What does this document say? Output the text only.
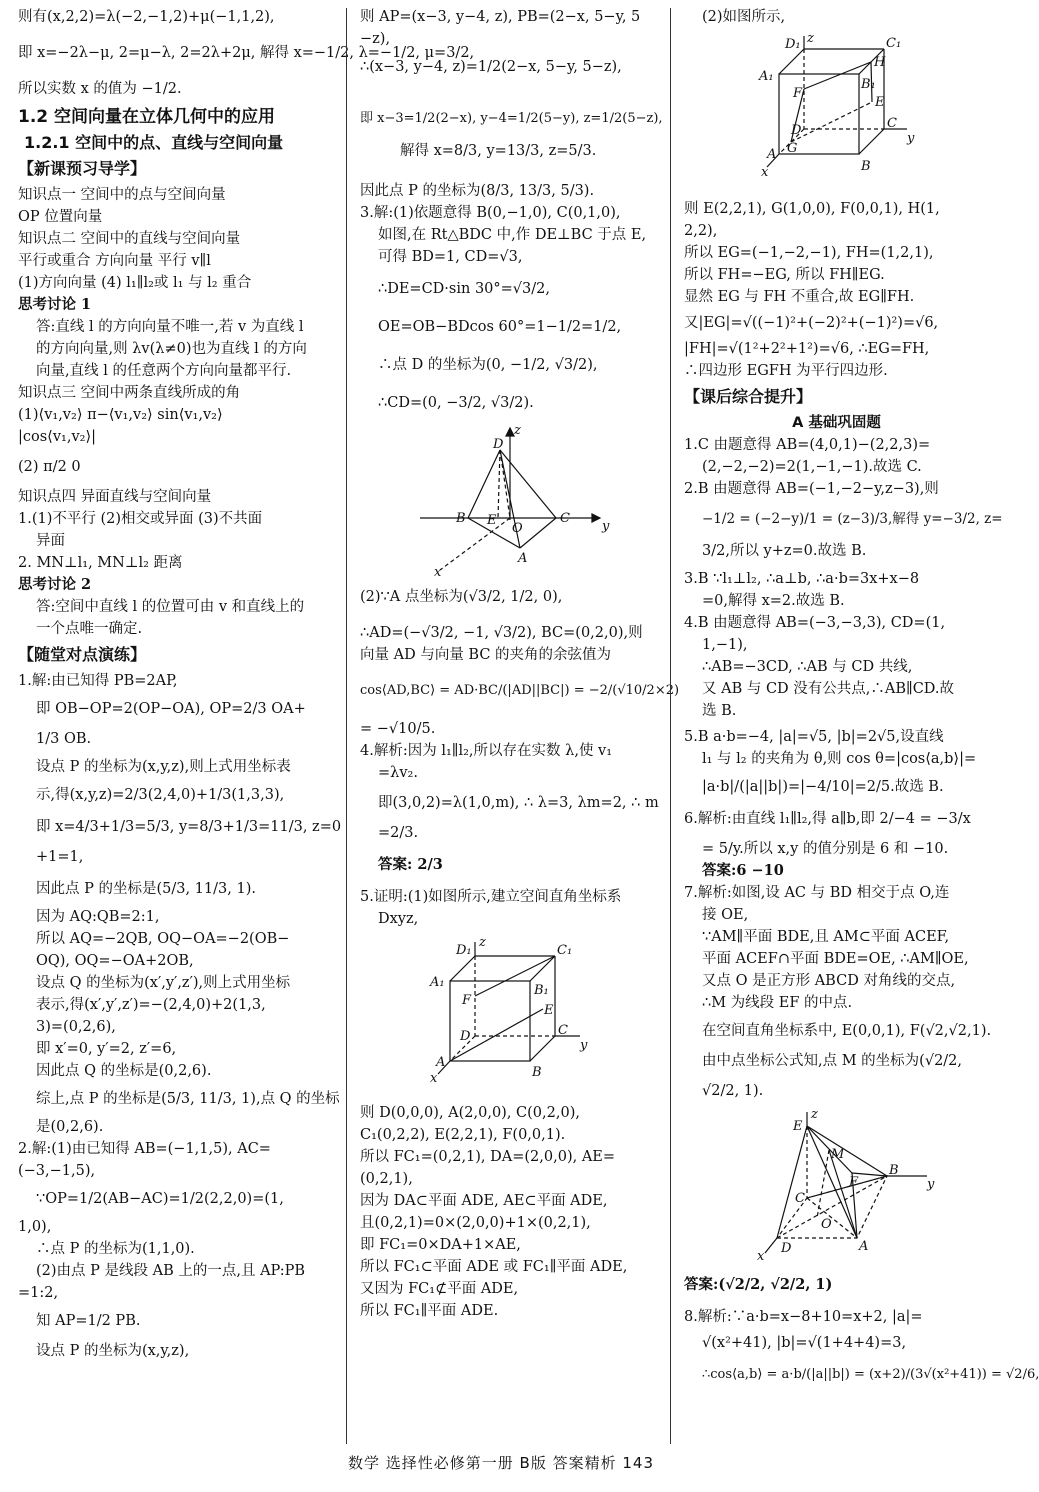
则有(x,2,2)=λ(−2,−1,2)+μ(−1,1,2),
即 x=−2λ−μ, 2=μ−λ, 2=2λ+2μ, 解得 x=−1/2, λ=−1/2, μ=3/2,
所以实数 x 的值为 −1/2.
1.2 空间向量在立体几何中的应用
1.2.1 空间中的点、直线与空间向量
【新课预习导学】
知识点一 空间中的点与空间向量
OP 位置向量
知识点二 空间中的直线与空间向量
平行或重合 方向向量 平行 v∥l
(1)方向向量 (4) l₁∥l₂或 l₁ 与 l₂ 重合
思考讨论 1
答:直线 l 的方向向量不唯一,若 v 为直线 l
的方向向量,则 λv(λ≠0)也为直线 l 的方向
向量,直线 l 的任意两个方向向量都平行.
知识点三 空间中两条直线所成的角
(1)⟨v₁,v₂⟩ π−⟨v₁,v₂⟩ sin⟨v₁,v₂⟩
|cos⟨v₁,v₂⟩|
(2) π/2 0
知识点四 异面直线与空间向量
1.(1)不平行 (2)相交或异面 (3)不共面
异面
2. MN⊥l₁, MN⊥l₂ 距离
思考讨论 2
答:空间中直线 l 的位置可由 v 和直线上的
一个点唯一确定.
【随堂对点演练】
1.解:由已知得 PB=2AP,
即 OB−OP=2(OP−OA), OP=2/3 OA+
1/3 OB.
设点 P 的坐标为(x,y,z),则上式用坐标表
示,得(x,y,z)=2/3(2,4,0)+1/3(1,3,3),
即 x=4/3+1/3=5/3, y=8/3+1/3=11/3, z=0
+1=1,
因此点 P 的坐标是(5/3, 11/3, 1).
因为 AQ:QB=2:1,
所以 AQ=−2QB, OQ−OA=−2(OB−
OQ), OQ=−OA+2OB,
设点 Q 的坐标为(x′,y′,z′),则上式用坐标
表示,得(x′,y′,z′)=−(2,4,0)+2(1,3,
3)=(0,2,6),
即 x′=0, y′=2, z′=6,
因此点 Q 的坐标是(0,2,6).
综上,点 P 的坐标是(5/3, 11/3, 1),点 Q 的坐标
是(0,2,6).
2.解:(1)由已知得 AB=(−1,1,5), AC=
(−3,−1,5),
∵OP=1/2(AB−AC)=1/2(2,2,0)=(1,
1,0),
∴点 P 的坐标为(1,1,0).
(2)由点 P 是线段 AB 上的一点,且 AP:PB
=1:2,
知 AP=1/2 PB.
设点 P 的坐标为(x,y,z),
则 AP=(x−3, y−4, z), PB=(2−x, 5−y, 5
−z),
∴(x−3, y−4, z)=1/2(2−x, 5−y, 5−z),
即 x−3=1/2(2−x), y−4=1/2(5−y), z=1/2(5−z),
解得 x=8/3, y=13/3, z=5/3.
因此点 P 的坐标为(8/3, 13/3, 5/3).
3.解:(1)依题意得 B(0,−1,0), C(0,1,0),
如图,在 Rt△BDC 中,作 DE⊥BC 于点 E,
可得 BD=1, CD=√3,
∴DE=CD·sin 30°=√3/2,
OE=OB−BDcos 60°=1−1/2=1/2,
∴点 D 的坐标为(0, −1/2, √3/2),
∴CD=(0, −3/2, √3/2).
z
y
x
D
B E
O
C
A
(2)∵A 点坐标为(√3/2, 1/2, 0),
∴AD=(−√3/2, −1, √3/2), BC=(0,2,0),则
向量 AD 与向量 BC 的夹角的余弦值为
cos⟨AD,BC⟩ = AD·BC/(|AD||BC|) = −2/(√10/2×2)
= −√10/5.
4.解析:因为 l₁∥l₂,所以存在实数 λ,使 v₁
=λv₂.
即(3,0,2)=λ(1,0,m), ∴ λ=3, λm=2, ∴ m
=2/3.
答案: 2/3
5.证明:(1)如图所示,建立空间直角坐标系
Dxyz,
z
y
x
D₁	C₁
A₁
B₁
F
D
E
C
A
B
则 D(0,0,0), A(2,0,0), C(0,2,0),
C₁(0,2,2), E(2,2,1), F(0,0,1).
所以 FC₁=(0,2,1), DA=(2,0,0), AE=
(0,2,1),
因为 DA⊂平面 ADE, AE⊂平面 ADE,
且(0,2,1)=0×(2,0,0)+1×(0,2,1),
即 FC₁=0×DA+1×AE,
所以 FC₁⊂平面 ADE 或 FC₁∥平面 ADE,
又因为 FC₁⊄平面 ADE,
所以 FC₁∥平面 ADE.
(2)如图所示,
z
y
x
D₁	C₁
A₁
H
B₁
F
D
E
C
G
A
B
则 E(2,2,1), G(1,0,0), F(0,0,1), H(1,
2,2),
所以 EG=(−1,−2,−1), FH=(1,2,1),
所以 FH=−EG, 所以 FH∥EG.
显然 EG 与 FH 不重合,故 EG∥FH.
又|EG|=√((−1)²+(−2)²+(−1)²)=√6,
|FH|=√(1²+2²+1²)=√6, ∴EG=FH,
∴四边形 EGFH 为平行四边形.
【课后综合提升】
A 基础巩固题
1.C 由题意得 AB=(4,0,1)−(2,2,3)=
(2,−2,−2)=2(1,−1,−1).故选 C.
2.B 由题意得 AB=(−1,−2−y,z−3),则
−1/2 = (−2−y)/1 = (z−3)/3,解得 y=−3/2, z=
3/2,所以 y+z=0.故选 B.
3.B ∵l₁⊥l₂, ∴a⊥b, ∴a·b=3x+x−8
=0,解得 x=2.故选 B.
4.B 由题意得 AB=(−3,−3,3), CD=(1,
1,−1),
∴AB=−3CD, ∴AB 与 CD 共线,
又 AB 与 CD 没有公共点,∴AB∥CD.故
选 B.
5.B a·b=−4, |a|=√5, |b|=2√5,设直线
l₁ 与 l₂ 的夹角为 θ,则 cos θ=|cos⟨a,b⟩|=
|a·b|/(|a||b|)=|−4/10|=2/5.故选 B.
6.解析:由直线 l₁∥l₂,得 a∥b,即 2/−4 = −3/x
= 5/y.所以 x,y 的值分别是 6 和 −10.
答案:6 −10
7.解析:如图,设 AC 与 BD 相交于点 O,连
接 OE,
∵AM∥平面 BDE,且 AM⊂平面 ACEF,
平面 ACEF∩平面 BDE=OE, ∴AM∥OE,
又点 O 是正方形 ABCD 对角线的交点,
∴M 为线段 EF 的中点.
在空间直角坐标系中, E(0,0,1), F(√2,√2,1).
由中点坐标公式知,点 M 的坐标为(√2/2,
√2/2, 1).
z
y
x
E
M
F
C
B
O
D	A
答案:(√2/2, √2/2, 1)
8.解析:∵a·b=x−8+10=x+2, |a|=
√(x²+41), |b|=√(1+4+4)=3,
∴cos⟨a,b⟩ = a·b/(|a||b|) = (x+2)/(3√(x²+41)) = √2/6,
数学 选择性必修第一册 B版 答案精析 143
